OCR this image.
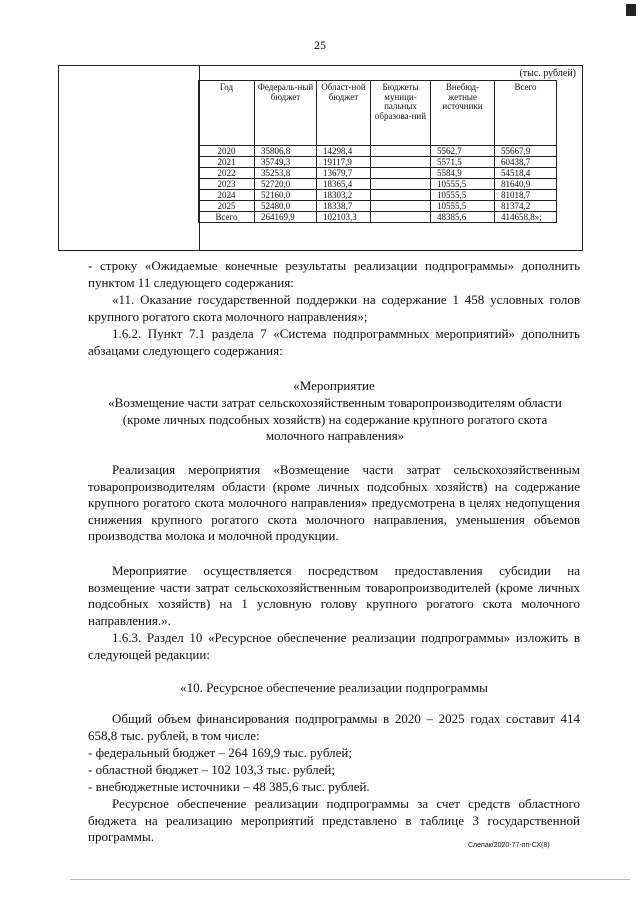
25
(тыс. рублей)
Год	Федераль-ный бюджет	Област-ной бюджет	Бюджеты муници-пальных образова-ний	Внебюд-жетные источники	Всего
2020	35806,8	14298,4		5562,7	55667,9
2021	35749,3	19117,9		5571,5	60438,7
2022	35253,8	13679,7		5584,9	54518,4
2023	52720,0	18365,4		10555,5	81640,9
2024	52160,0	18303,2		10555,5	81018,7
2025	52480,0	18338,7		10555,5	81374,2
Всего	264169,9	102103,3		48385,6	414658,8»;

- строку «Ожидаемые конечные результаты реализации подпрограммы» дополнить пунктом 11 следующего содержания:

«11. Оказание государственной поддержки на содержание 1 458 условных голов крупного рогатого скота молочного направления»;

1.6.2. Пункт 7.1 раздела 7 «Система подпрограммных мероприятий» дополнить абзацами следующего содержания:

«Мероприятие

«Возмещение части затрат сельскохозяйственным товаропроизводителям области (кроме личных подсобных хозяйств) на содержание крупного рогатого скота молочного направления»

Реализация мероприятия «Возмещение части затрат сельскохозяйственным товаропроизводителям области (кроме личных подсобных хозяйств) на содержание крупного рогатого скота молочного направления» предусмотрена в целях недопущения снижения крупного рогатого скота молочного направления, уменьшения объемов производства молока и молочной продукции.

Мероприятие осуществляется посредством предоставления субсидии на возмещение части затрат сельскохозяйственным товаропроизводителей (кроме личных подсобных хозяйств) на 1 условную голову крупного рогатого скота молочного направления.».

1.6.3. Раздел 10 «Ресурсное обеспечение реализации подпрограммы» изложить в следующей редакции:

«10. Ресурсное обеспечение реализации подпрограммы

Общий объем финансирования подпрограммы в 2020 – 2025 годах составит 414 658,8 тыс. рублей, в том числе:

- федеральный бюджет – 264 169,9 тыс. рублей;
- областной бюджет – 102 103,3 тыс. рублей;
- внебюджетные источники – 48 385,6 тыс. рублей.

Ресурсное обеспечение реализации подпрограммы за счет средств областного бюджета на реализацию мероприятий представлено в таблице 3 государственной программы.

Слепак/2020-77-пп-СХ(8)
